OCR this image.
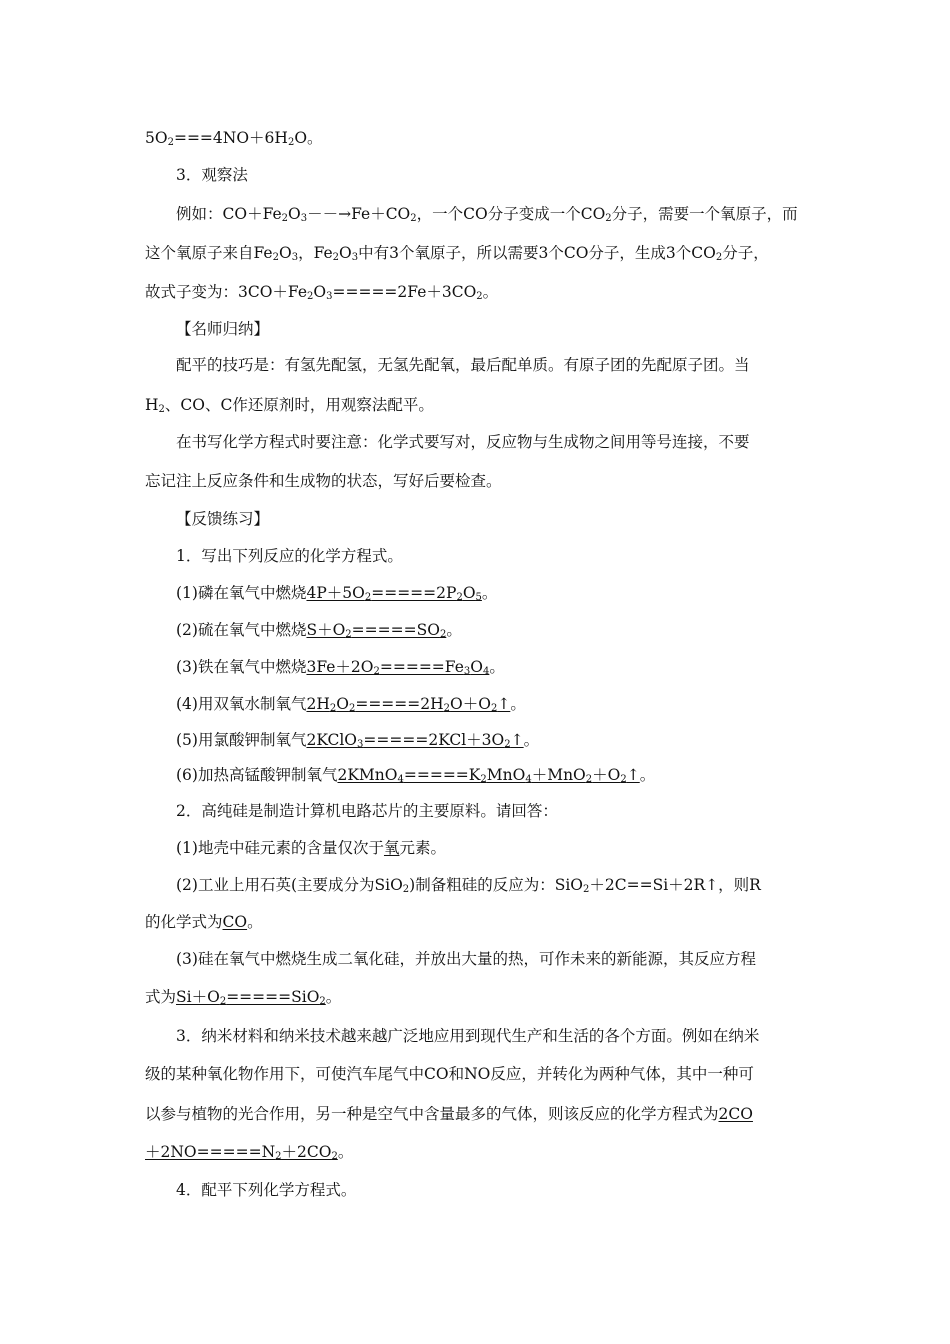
$5O_2===4NO+6H_2O$。
3．观察法
例如：$CO+Fe_2O_3--\to Fe+CO_2$，一个CO分子变成一个$CO_2$分子，需要一个氧原子，而
这个氧原子来自$Fe_2O_3$，$Fe_2O_3$中有3个氧原子，所以需要3个CO分子，生成3个$CO_2$分子，
故式子变为：$3CO+Fe_2O_3=====2Fe+3CO_2$。
【名师归纳】
配平的技巧是：有氢先配氢，无氢先配氧，最后配单质。有原子团的先配原子团。当
$H_2$、CO、C作还原剂时，用观察法配平。
在书写化学方程式时要注意：化学式要写对，反应物与生成物之间用等号连接，不要
忘记注上反应条件和生成物的状态，写好后要检查。
【反馈练习】
1．写出下列反应的化学方程式。
(1)磷在氧气中燃烧$4P+5O_2=====2P_2O_5$。
(2)硫在氧气中燃烧$S+O_2=====SO_2$。
(3)铁在氧气中燃烧$3Fe+2O_2=====Fe_3O_4$。
(4)用双氧水制氧气$2H_2O_2=====2H_2O+O_2↑$。
(5)用氯酸钾制氧气$2KClO_3=====2KCl+3O_2↑$。
(6)加热高锰酸钾制氧气$2KMnO_4=====K_2MnO_4+MnO_2+O_2↑$。
2．高纯硅是制造计算机电路芯片的主要原料。请回答：
(1)地壳中硅元素的含量仅次于氧元素。
(2)工业上用石英(主要成分为SiO$_2$)制备粗硅的反应为：SiO$_2$＋2C==Si＋2R↑，则R
的化学式为CO。
(3)硅在氧气中燃烧生成二氧化硅，并放出大量的热，可作未来的新能源，其反应方程
式为$Si+O_2=====SiO_2$。
3．纳米材料和纳米技术越来越广泛地应用到现代生产和生活的各个方面。例如在纳米
级的某种氧化物作用下，可使汽车尾气中CO和NO反应，并转化为两种气体，其中一种可
以参与植物的光合作用，另一种是空气中含量最多的气体，则该反应的化学方程式为2CO
$+2NO=====N_2+2CO_2$。
4．配平下列化学方程式。
